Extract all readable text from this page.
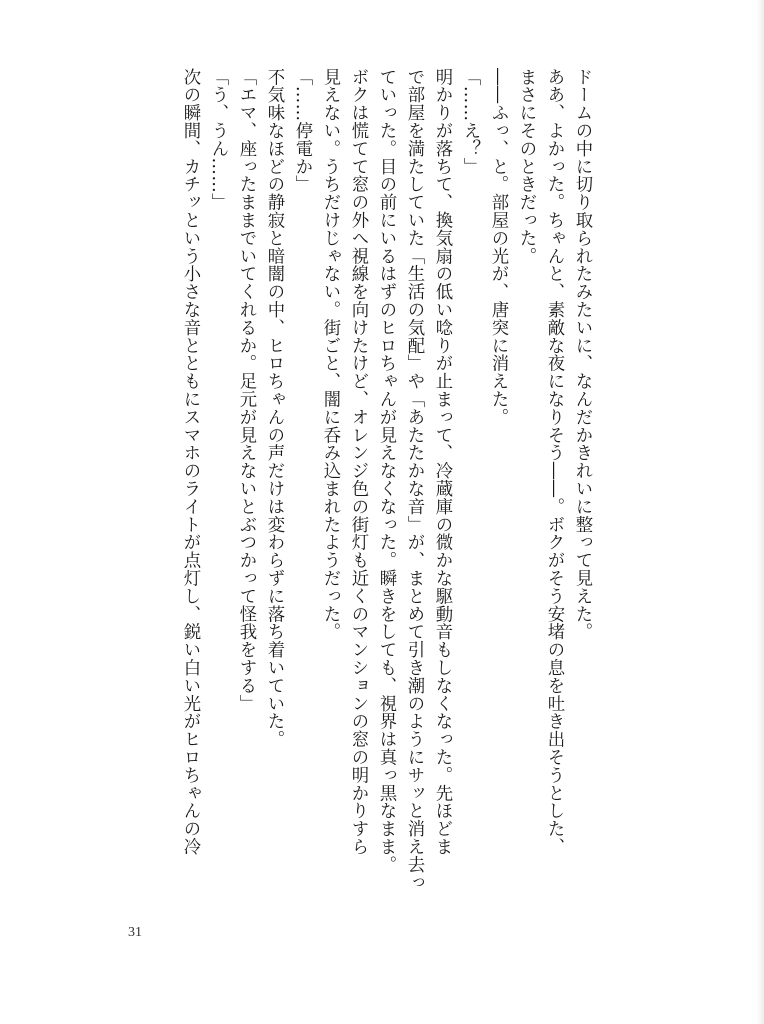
ドームの中に切り取られたみたいに、なんだかきれいに整って見えた。

ああ、よかった。ちゃんと、素敵な夜になりそう――。ボクがそう安堵の息を吐き出そうとした、

まさにそのときだった。

――ふっ、と。部屋の光が、唐突に消えた。

「……え？」

明かりが落ちて、換気扇の低い唸りが止まって、冷蔵庫の微かな駆動音もしなくなった。先ほどま

で部屋を満たしていた「生活の気配」や「あたたかな音」が、まとめて引き潮のようにサッと消え去っ

ていった。目の前にいるはずのヒロちゃんが見えなくなった。瞬きをしても、視界は真っ黒なまま。

ボクは慌てて窓の外へ視線を向けたけど、オレンジ色の街灯も近くのマンションの窓の明かりすら

見えない。うちだけじゃない。街ごと、闇に呑み込まれたようだった。

「……停電か」

不気味なほどの静寂と暗闇の中、ヒロちゃんの声だけは変わらずに落ち着いていた。

「エマ、座ったままでいてくれるか。足元が見えないとぶつかって怪我をする」

「う、うん……」

次の瞬間、カチッという小さな音とともにスマホのライトが点灯し、鋭い白い光がヒロちゃんの冷

31
